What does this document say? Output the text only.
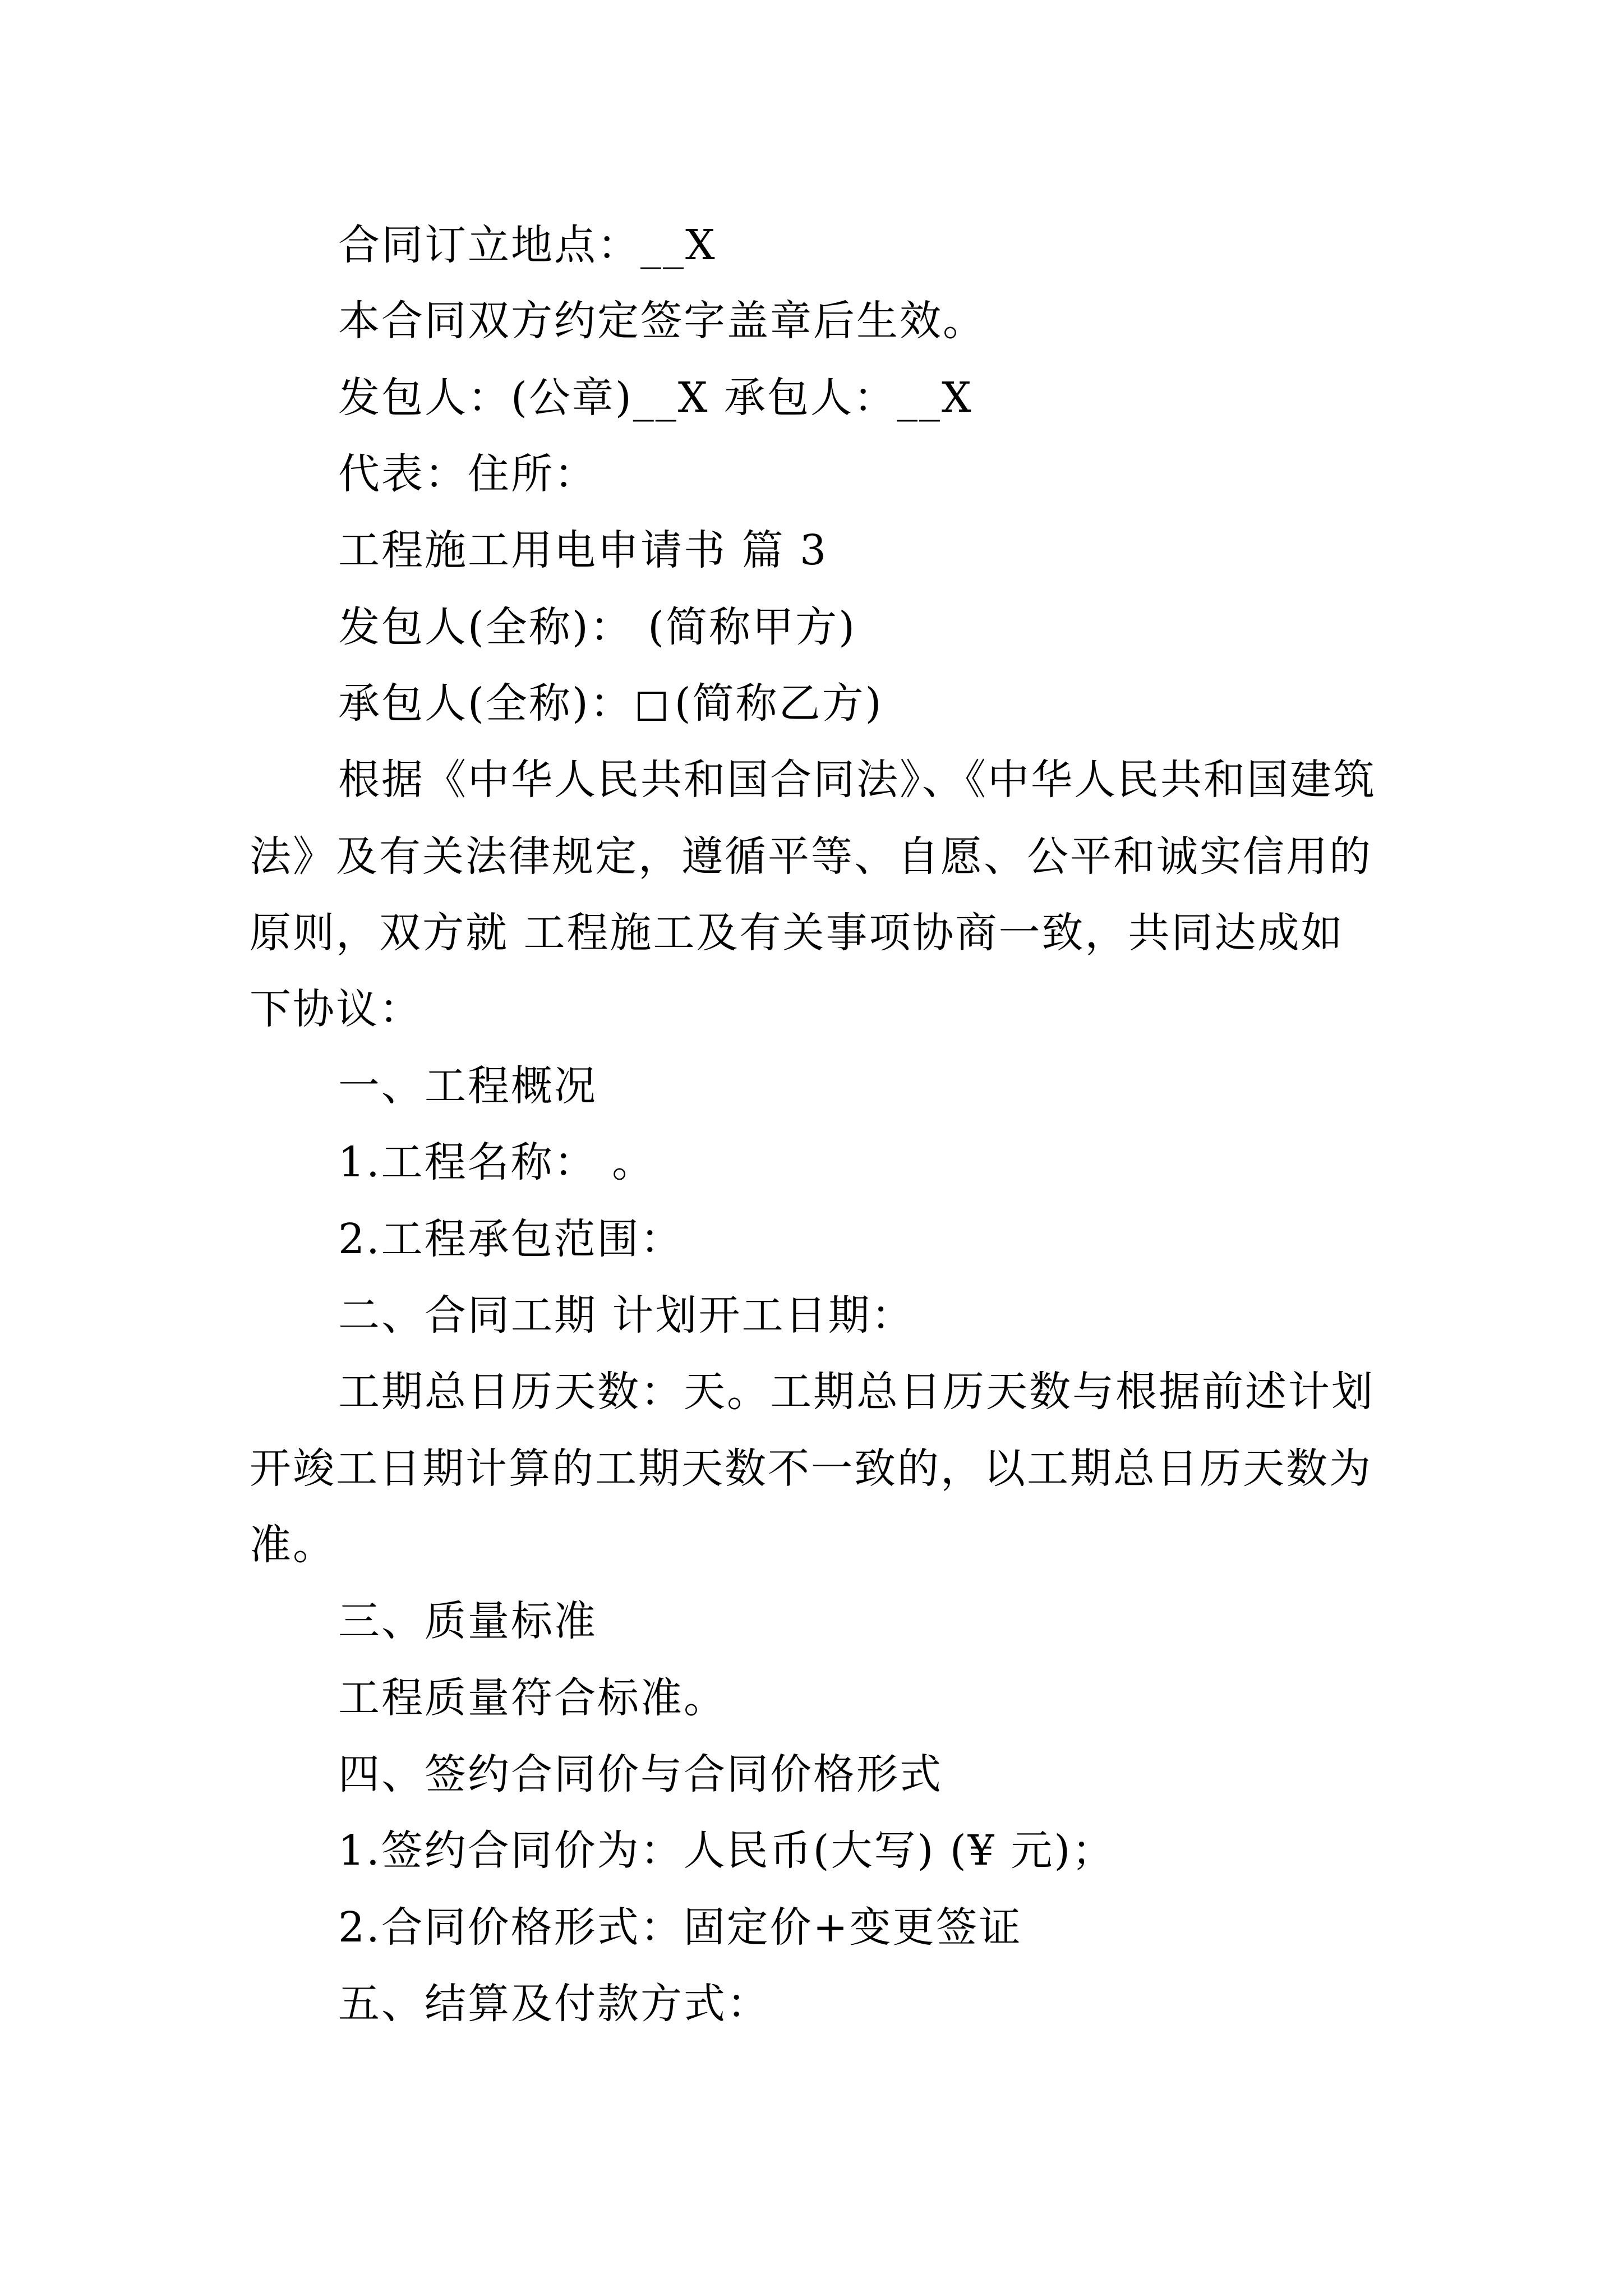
合同订立地点：__X
本合同双方约定签字盖章后生效。
发包人：(公章)__X 承包人：__X
代表：住所：
工程施工用电申请书 篇 3
发包人(全称)： (简称甲方)
承包人(全称)： (简称乙方)
根据《中华人民共和国合同法》、《中华人民共和国建筑
法》及有关法律规定，遵循平等、自愿、公平和诚实信用的
原则，双方就 工程施工及有关事项协商一致，共同达成如
下协议：
一、工程概况
1.工程名称： 。
2.工程承包范围：
二、合同工期 计划开工日期：
工期总日历天数：天。工期总日历天数与根据前述计划
开竣工日期计算的工期天数不一致的，以工期总日历天数为
准。
三、质量标准
工程质量符合标准。
四、签约合同价与合同价格形式
1.签约合同价为：人民币(大写) (¥ 元)；
2.合同价格形式：固定价+变更签证
五、结算及付款方式：
